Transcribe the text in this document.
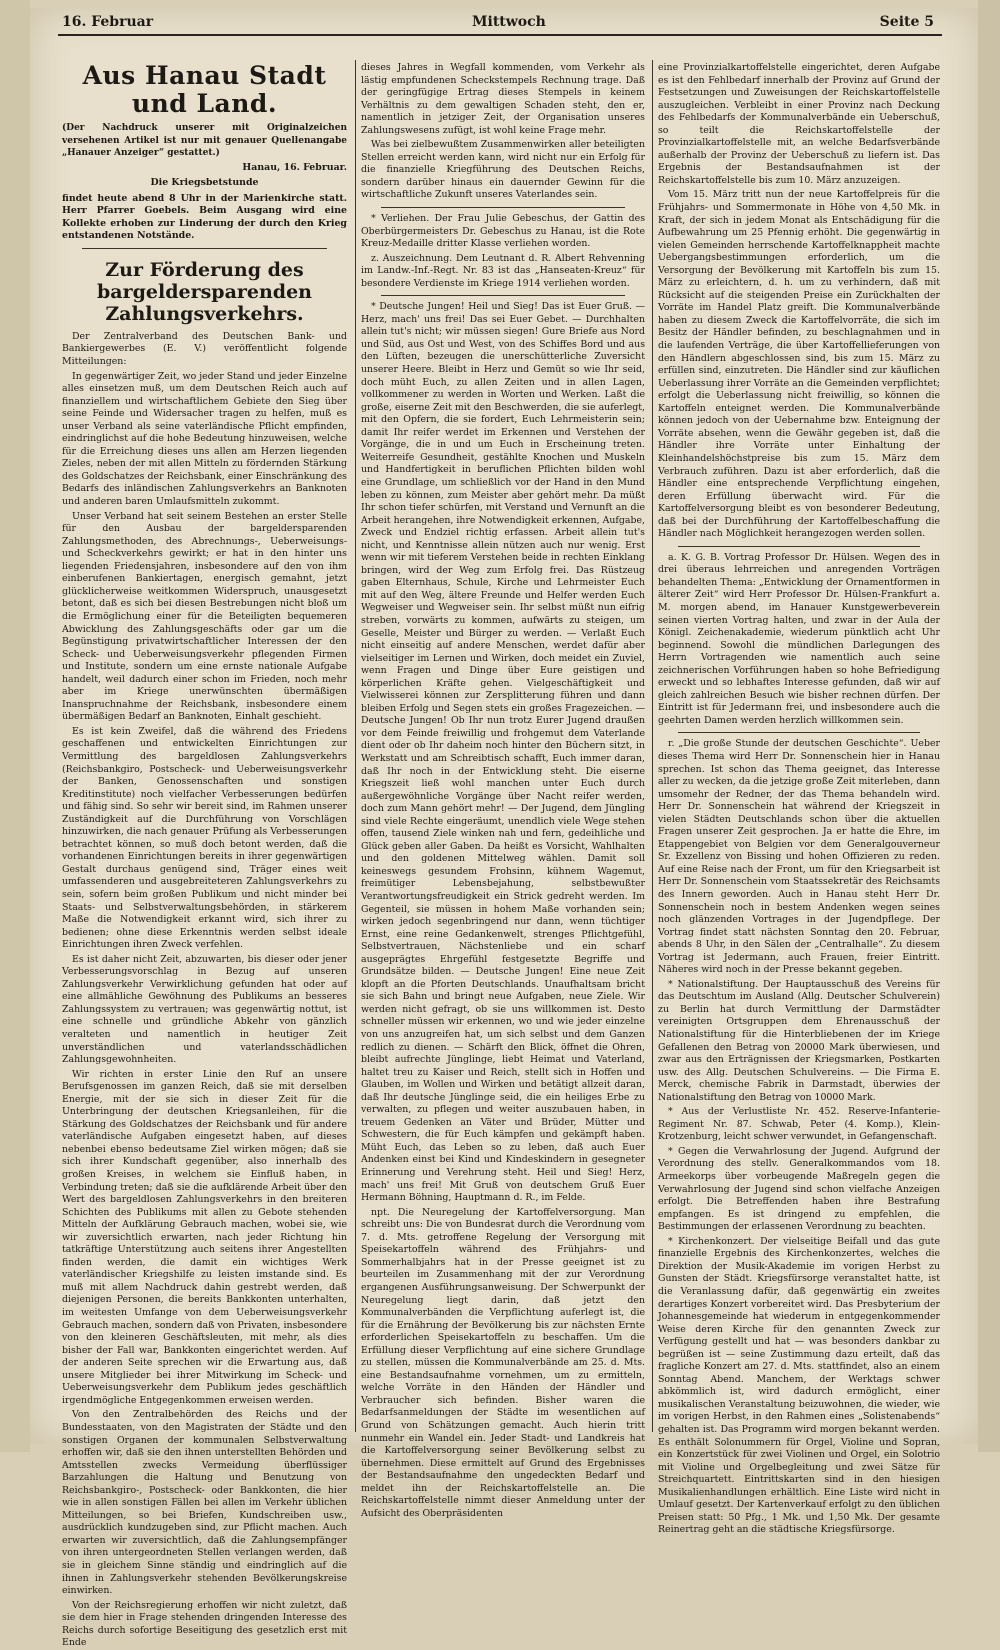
16. Februar	Mittwoch	Seite 5
Aus Hanau Stadt und Land.

(Der Nachdruck unserer mit Originalzeichen versehenen Artikel ist nur mit genauer Quellenangabe „Hanauer Anzeiger“ gestattet.)

Hanau, 16. Februar.

Die Kriegsbetstunde

findet heute abend 8 Uhr in der Marienkirche statt. Herr Pfarrer Goebels. Beim Ausgang wird eine Kollekte erhoben zur Linderung der durch den Krieg entstandenen Notstände.

Zur Förderung des bargeldersparenden Zahlungsverkehrs.

Der Zentralverband des Deutschen Bank- und Bankiergewerbes (E. V.) veröffentlicht folgende Mitteilungen:

In gegenwärtiger Zeit, wo jeder Stand und jeder Einzelne alles einsetzen muß, um dem Deutschen Reich auch auf finanziellem und wirtschaftlichem Gebiete den Sieg über seine Feinde und Widersacher tragen zu helfen, muß es unser Verband als seine vaterländische Pflicht empfinden, eindringlichst auf die hohe Bedeutung hinzuweisen, welche für die Erreichung dieses uns allen am Herzen liegenden Zieles, neben der mit allen Mitteln zu fördernden Stärkung des Goldschatzes der Reichsbank, einer Einschränkung des Bedarfs des inländischen Zahlungsverkehrs an Banknoten und anderen baren Umlaufsmitteln zukommt.

Unser Verband hat seit seinem Bestehen an erster Stelle für den Ausbau der bargeldersparenden Zahlungsmethoden, des Abrechnungs-, Ueberweisungs- und Scheckverkehrs gewirkt; er hat in den hinter uns liegenden Friedensjahren, insbesondere auf den von ihm einberufenen Bankiertagen, energisch gemahnt, jetzt glücklicherweise weitkommen Widerspruch, unausgesetzt betont, daß es sich bei diesen Bestrebungen nicht bloß um die Ermöglichung einer für die Beteiligten bequemeren Abwicklung des Zahlungsgeschäfts oder gar um die Begünstigung privatwirtschaftlicher Interessen der den Scheck- und Ueberweisungsverkehr pflegenden Firmen und Institute, sondern um eine ernste nationale Aufgabe handelt, weil dadurch einer schon im Frieden, noch mehr aber im Kriege unerwünschten übermäßigen Inanspruchnahme der Reichsbank, insbesondere einem übermäßigen Bedarf an Banknoten, Einhalt geschieht.

Es ist kein Zweifel, daß die während des Friedens geschaffenen und entwickelten Einrichtungen zur Vermittlung des bargeldlosen Zahlungsverkehrs (Reichsbankgiro, Postscheck- und Ueberweisungsverkehr der Banken, Genossenschaften und sonstigen Kreditinstitute) noch vielfacher Verbesserungen bedürfen und fähig sind. So sehr wir bereit sind, im Rahmen unserer Zuständigkeit auf die Durchführung von Vorschlägen hinzuwirken, die nach genauer Prüfung als Verbesserungen betrachtet können, so muß doch betont werden, daß die vorhandenen Einrichtungen bereits in ihrer gegenwärtigen Gestalt durchaus genügend sind, Träger eines weit umfassenderen und ausgebreiteteren Zahlungsverkehrs zu sein, sofern beim großen Publikum und nicht minder bei Staats- und Selbstverwaltungsbehörden, in stärkerem Maße die Notwendigkeit erkannt wird, sich ihrer zu bedienen; ohne diese Erkenntnis werden selbst ideale Einrichtungen ihren Zweck verfehlen.

Es ist daher nicht Zeit, abzuwarten, bis dieser oder jener Verbesserungsvorschlag in Bezug auf unseren Zahlungsverkehr Verwirklichung gefunden hat oder auf eine allmähliche Gewöhnung des Publikums an besseres Zahlungssystem zu vertrauen; was gegenwärtig nottut, ist eine schnelle und gründliche Abkehr von gänzlich veralteten und namentlich in heutiger Zeit unverständlichen und vaterlandsschädlichen Zahlungsgewohnheiten.

Wir richten in erster Linie den Ruf an unsere Berufsgenossen im ganzen Reich, daß sie mit derselben Energie, mit der sie sich in dieser Zeit für die Unterbringung der deutschen Kriegsanleihen, für die Stärkung des Goldschatzes der Reichsbank und für andere vaterländische Aufgaben eingesetzt haben, auf dieses nebenbei ebenso bedeutsame Ziel wirken mögen; daß sie sich ihrer Kundschaft gegenüber, also innerhalb des großen Kreises, in welchem sie Einfluß haben, in Verbindung treten; daß sie die aufklärende Arbeit über den Wert des bargeldlosen Zahlungsverkehrs in den breiteren Schichten des Publikums mit allen zu Gebote stehenden Mitteln der Aufklärung Gebrauch machen, wobei sie, wie wir zuversichtlich erwarten, nach jeder Richtung hin tatkräftige Unterstützung auch seitens ihrer Angestellten finden werden, die damit ein wichtiges Werk vaterländischer Kriegshilfe zu leisten imstande sind. Es muß mit allem Nachdruck dahin gestrebt werden, daß diejenigen Personen, die bereits Bankkonten unterhalten, im weitesten Umfange von dem Ueberweisungsverkehr Gebrauch machen, sondern daß von Privaten, insbesondere von den kleineren Geschäftsleuten, mit mehr, als dies bisher der Fall war, Bankkonten eingerichtet werden. Auf der anderen Seite sprechen wir die Erwartung aus, daß unsere Mitglieder bei ihrer Mitwirkung im Scheck- und Ueberweisungsverkehr dem Publikum jedes geschäftlich irgendmögliche Entgegenkommen erweisen werden.

Von den Zentralbehörden des Reichs und der Bundesstaaten, von den Magistraten der Städte und den sonstigen Organen der kommunalen Selbstverwaltung erhoffen wir, daß sie den ihnen unterstellten Behörden und Amtsstellen zwecks Vermeidung überflüssiger Barzahlungen die Haltung und Benutzung von Reichsbankgiro-, Postscheck- oder Bankkonten, die hier wie in allen sonstigen Fällen bei allen im Verkehr üblichen Mitteilungen, so bei Briefen, Kundschreiben usw., ausdrücklich kundzugeben sind, zur Pflicht machen. Auch erwarten wir zuversichtlich, daß die Zahlungsempfänger von ihren untergeordneten Stellen verlangen werden, daß sie in gleichem Sinne ständig und eindringlich auf die ihnen in Zahlungsverkehr stehenden Bevölkerungskreise einwirken.

Von der Reichsregierung erhoffen wir nicht zuletzt, daß sie dem hier in Frage stehenden dringenden Interesse des Reichs durch sofortige Beseitigung des gesetzlich erst mit Ende

dieses Jahres in Wegfall kommenden, vom Verkehr als lästig empfundenen Scheckstempels Rechnung trage. Daß der geringfügige Ertrag dieses Stempels in keinem Verhältnis zu dem gewaltigen Schaden steht, den er, namentlich in jetziger Zeit, der Organisation unseres Zahlungswesens zufügt, ist wohl keine Frage mehr.

Was bei zielbewußtem Zusammenwirken aller beteiligten Stellen erreicht werden kann, wird nicht nur ein Erfolg für die finanzielle Kriegführung des Deutschen Reichs, sondern darüber hinaus ein dauernder Gewinn für die wirtschaftliche Zukunft unseres Vaterlandes sein.

* Verliehen. Der Frau Julie Gebeschus, der Gattin des Oberbürgermeisters Dr. Gebeschus zu Hanau, ist die Rote Kreuz-Medaille dritter Klasse verliehen worden.

z. Auszeichnung. Dem Leutnant d. R. Albert Rehvenning im Landw.-Inf.-Regt. Nr. 83 ist das „Hanseaten-Kreuz“ für besondere Verdienste im Kriege 1914 verliehen worden.

* Deutsche Jungen! Heil und Sieg! Das ist Euer Gruß. — Herz, mach' uns frei! Das sei Euer Gebet. — Durchhalten allein tut's nicht; wir müssen siegen! Gure Briefe aus Nord und Süd, aus Ost und West, von des Schiffes Bord und aus den Lüften, bezeugen die unerschütterliche Zuversicht unserer Heere. Bleibt in Herz und Gemüt so wie Ihr seid, doch müht Euch, zu allen Zeiten und in allen Lagen, vollkommener zu werden in Worten und Werken. Laßt die große, eiserne Zeit mit den Beschwerden, die sie auferlegt, mit den Opfern, die sie fordert, Euch Lehrmeisterin sein; damit Ihr reifer werdet im Erkennen und Verstehen der Vorgänge, die in und um Euch in Erscheinung treten. Weiterreife Gesundheit, gestählte Knochen und Muskeln und Handfertigkeit in beruflichen Pflichten bilden wohl eine Grundlage, um schließlich vor der Hand in den Mund leben zu können, zum Meister aber gehört mehr. Da müßt Ihr schon tiefer schürfen, mit Verstand und Vernunft an die Arbeit herangehen, ihre Notwendigkeit erkennen, Aufgabe, Zweck und Endziel richtig erfassen. Arbeit allein tut's nicht, und Kenntnisse allein nützen auch nur wenig. Erst wenn wir mit tieferem Verstehen beide in rechten Einklang bringen, wird der Weg zum Erfolg frei. Das Rüstzeug gaben Elternhaus, Schule, Kirche und Lehrmeister Euch mit auf den Weg, ältere Freunde und Helfer werden Euch Wegweiser und Wegweiser sein. Ihr selbst müßt nun eifrig streben, vorwärts zu kommen, aufwärts zu steigen, um Geselle, Meister und Bürger zu werden. — Verlaßt Euch nicht einseitig auf andere Menschen, werdet dafür aber vielseitiger im Lernen und Wirken, doch meidet ein Zuviel, wenn Fragen und Dinge über Eure geistigen und körperlichen Kräfte gehen. Vielgeschäftigkeit und Vielwisserei können zur Zersplitterung führen und dann bleiben Erfolg und Segen stets ein großes Fragezeichen. — Deutsche Jungen! Ob Ihr nun trotz Eurer Jugend draußen vor dem Feinde freiwillig und frohgemut dem Vaterlande dient oder ob Ihr daheim noch hinter den Büchern sitzt, in Werkstatt und am Schreibtisch schafft, Euch immer daran, daß Ihr noch in der Entwicklung steht. Die eiserne Kriegszeit ließ wohl manchen unter Euch durch außergewöhnliche Vorgänge über Nacht reifer werden, doch zum Mann gehört mehr! — Der Jugend, dem Jüngling sind viele Rechte eingeräumt, unendlich viele Wege stehen offen, tausend Ziele winken nah und fern, gedeihliche und Glück geben aller Gaben. Da heißt es Vorsicht, Wahlhalten und den goldenen Mittelweg wählen. Damit soll keineswegs gesundem Frohsinn, kühnem Wagemut, freimütiger Lebensbejahung, selbstbewußter Verantwortungsfreudigkeit ein Strick gedreht werden. Im Gegenteil, sie müssen in hohem Maße vorhanden sein; wirken jedoch segenbringend nur dann, wenn tüchtiger Ernst, eine reine Gedankenwelt, strenges Pflichtgefühl, Selbstvertrauen, Nächstenliebe und ein scharf ausgeprägtes Ehrgefühl festgesetzte Begriffe und Grundsätze bilden. — Deutsche Jungen! Eine neue Zeit klopft an die Pforten Deutschlands. Unaufhaltsam bricht sie sich Bahn und bringt neue Aufgaben, neue Ziele. Wir werden nicht gefragt, ob sie uns willkommen ist. Desto schneller müssen wir erkennen, wo und wie jeder einzelne von uns anzugreifen hat, um sich selbst und dem Ganzen redlich zu dienen. — Schärft den Blick, öffnet die Ohren, bleibt aufrechte Jünglinge, liebt Heimat und Vaterland, haltet treu zu Kaiser und Reich, stellt sich in Hoffen und Glauben, im Wollen und Wirken und betätigt allzeit daran, daß Ihr deutsche Jünglinge seid, die ein heiliges Erbe zu verwalten, zu pflegen und weiter auszubauen haben, in treuem Gedenken an Väter und Brüder, Mütter und Schwestern, die für Euch kämpfen und gekämpft haben. Müht Euch, das Leben so zu leben, daß auch Euer Andenken einst bei Kind und Kindeskindern in gesegneter Erinnerung und Verehrung steht. Heil und Sieg! Herz, mach' uns frei! Mit Gruß von deutschem Gruß Euer Hermann Böhning, Hauptmann d. R., im Felde.

npt. Die Neuregelung der Kartoffelversorgung. Man schreibt uns: Die von Bundesrat durch die Verordnung vom 7. d. Mts. getroffene Regelung der Versorgung mit Speisekartoffeln während des Frühjahrs- und Sommerhalbjahrs hat in der Presse geeignet ist zu beurteilen im Zusammenhang mit der zur Verordnung ergangenen Ausführungsanweisung. Der Schwerpunkt der Neuregelung liegt darin, daß jetzt den Kommunalverbänden die Verpflichtung auferlegt ist, die für die Ernährung der Bevölkerung bis zur nächsten Ernte erforderlichen Speisekartoffeln zu beschaffen. Um die Erfüllung dieser Verpflichtung auf eine sichere Grundlage zu stellen, müssen die Kommunalverbände am 25. d. Mts. eine Bestandsaufnahme vornehmen, um zu ermitteln, welche Vorräte in den Händen der Händler und Verbraucher sich befinden. Bisher waren die Bedarfsanmeldungen der Städte im wesentlichen auf Grund von Schätzungen gemacht. Auch hierin tritt nunmehr ein Wandel ein. Jeder Stadt- und Landkreis hat die Kartoffelversorgung seiner Bevölkerung selbst zu übernehmen. Diese ermittelt auf Grund des Ergebnisses der Bestandsaufnahme den ungedeckten Bedarf und meldet ihn der Reichskartoffelstelle an. Die Reichskartoffelstelle nimmt dieser Anmeldung unter der Aufsicht des Oberpräsidenten

eine Provinzialkartoffelstelle eingerichtet, deren Aufgabe es ist den Fehlbedarf innerhalb der Provinz auf Grund der Festsetzungen und Zuweisungen der Reichskartoffelstelle auszugleichen. Verbleibt in einer Provinz nach Deckung des Fehlbedarfs der Kommunalverbände ein Ueberschuß, so teilt die Reichskartoffelstelle der Provinzialkartoffelstelle mit, an welche Bedarfsverbände außerhalb der Provinz der Ueberschuß zu liefern ist. Das Ergebnis der Bestandsaufnahmen ist der Reichskartoffelstelle bis zum 10. März anzuzeigen.

Vom 15. März tritt nun der neue Kartoffelpreis für die Frühjahrs- und Sommermonate in Höhe von 4,50 Mk. in Kraft, der sich in jedem Monat als Entschädigung für die Aufbewahrung um 25 Pfennig erhöht. Die gegenwärtig in vielen Gemeinden herrschende Kartoffelknappheit machte Uebergangsbestimmungen erforderlich, um die Versorgung der Bevölkerung mit Kartoffeln bis zum 15. März zu erleichtern, d. h. um zu verhindern, daß mit Rücksicht auf die steigenden Preise ein Zurückhalten der Vorräte im Handel Platz greift. Die Kommunalverbände haben zu diesem Zweck die Kartoffelvorräte, die sich im Besitz der Händler befinden, zu beschlagnahmen und in die laufenden Verträge, die über Kartoffellieferungen von den Händlern abgeschlossen sind, bis zum 15. März zu erfüllen sind, einzutreten. Die Händler sind zur käuflichen Ueberlassung ihrer Vorräte an die Gemeinden verpflichtet; erfolgt die Ueberlassung nicht freiwillig, so können die Kartoffeln enteignet werden. Die Kommunalverbände können jedoch von der Uebernahme bzw. Enteignung der Vorräte absehen, wenn die Gewähr gegeben ist, daß die Händler ihre Vorräte unter Einhaltung der Kleinhandelshöchstpreise bis zum 15. März dem Verbrauch zuführen. Dazu ist aber erforderlich, daß die Händler eine entsprechende Verpflichtung eingehen, deren Erfüllung überwacht wird. Für die Kartoffelversorgung bleibt es von besonderer Bedeutung, daß bei der Durchführung der Kartoffelbeschaffung die Händler nach Möglichkeit herangezogen werden sollen.

a. K. G. B. Vortrag Professor Dr. Hülsen. Wegen des in drei überaus lehrreichen und anregenden Vorträgen behandelten Thema: „Entwicklung der Ornamentformen in älterer Zeit“ wird Herr Professor Dr. Hülsen-Frankfurt a. M. morgen abend, im Hanauer Kunstgewerbeverein seinen vierten Vortrag halten, und zwar in der Aula der Königl. Zeichenakademie, wiederum pünktlich acht Uhr beginnend. Sowohl die mündlichen Darlegungen des Herrn Vortragenden wie namentlich auch seine zeichnerischen Vorführungen haben so hohe Befriedigung erweckt und so lebhaftes Interesse gefunden, daß wir auf gleich zahlreichen Besuch wie bisher rechnen dürfen. Der Eintritt ist für Jedermann frei, und insbesondere auch die geehrten Damen werden herzlich willkommen sein.

r. „Die große Stunde der deutschen Geschichte“. Ueber dieses Thema wird Herr Dr. Sonnenschein hier in Hanau sprechen. Ist schon das Thema geeignet, das Interesse aller zu wecken, da die jetzige große Zeit miterleben, dann umsomehr der Redner, der das Thema behandeln wird. Herr Dr. Sonnenschein hat während der Kriegszeit in vielen Städten Deutschlands schon über die aktuellen Fragen unserer Zeit gesprochen. Ja er hatte die Ehre, im Etappengebiet von Belgien vor dem Generalgouverneur Sr. Exzellenz von Bissing und hohen Offizieren zu reden. Auf eine Reise nach der Front, um für den Kriegsarbeit ist Herr Dr. Sonnenschein vom Staatssekretär des Reichsamts des Innern geworden. Auch in Hanau steht Herr Dr. Sonnenschein noch in bestem Andenken wegen seines noch glänzenden Vortrages in der Jugendpflege. Der Vortrag findet statt nächsten Sonntag den 20. Februar, abends 8 Uhr, in den Sälen der „Centralhalle“. Zu diesem Vortrag ist Jedermann, auch Frauen, freier Eintritt. Näheres wird noch in der Presse bekannt gegeben.

* Nationalstiftung. Der Hauptausschuß des Vereins für das Deutschtum im Ausland (Allg. Deutscher Schulverein) zu Berlin hat durch Vermittlung der Darmstädter vereinigten Ortsgruppen dem Ehrenausschuß der Nationalstiftung für die Hinterbliebenen der im Kriege Gefallenen den Betrag von 20000 Mark überwiesen, und zwar aus den Erträgnissen der Kriegsmarken, Postkarten usw. des Allg. Deutschen Schulvereins. — Die Firma E. Merck, chemische Fabrik in Darmstadt, überwies der Nationalstiftung den Betrag von 10000 Mark.

* Aus der Verlustliste Nr. 452. Reserve-Infanterie-Regiment Nr. 87. Schwab, Peter (4. Komp.), Klein-Krotzenburg, leicht schwer verwundet, in Gefangenschaft.

* Gegen die Verwahrlosung der Jugend. Aufgrund der Verordnung des stellv. Generalkommandos vom 18. Armeekorps über vorbeugende Maßregeln gegen die Verwahrlosung der Jugend sind schon vielfache Anzeigen erfolgt. Die Betreffenden haben ihre Bestrafung empfangen. Es ist dringend zu empfehlen, die Bestimmungen der erlassenen Verordnung zu beachten.

* Kirchenkonzert. Der vielseitige Beifall und das gute finanzielle Ergebnis des Kirchenkonzertes, welches die Direktion der Musik-Akademie im vorigen Herbst zu Gunsten der Städt. Kriegsfürsorge veranstaltet hatte, ist die Veranlassung dafür, daß gegenwärtig ein zweites derartiges Konzert vorbereitet wird. Das Presbyterium der Johannesgemeinde hat wiederum in entgegenkommender Weise deren Kirche für den genannten Zweck zur Verfügung gestellt und hat — was besonders dankbar zu begrüßen ist — seine Zustimmung dazu erteilt, daß das fragliche Konzert am 27. d. Mts. stattfindet, also an einem Sonntag Abend. Manchem, der Werktags schwer abkömmlich ist, wird dadurch ermöglicht, einer musikalischen Veranstaltung beizuwohnen, die wieder, wie im vorigen Herbst, in den Rahmen eines „Solistenabends“ gehalten ist. Das Programm wird morgen bekannt werden. Es enthält Solonummern für Orgel, Violine und Sopran, ein Konzertstück für zwei Violinen und Orgel, ein Solotrio mit Violine und Orgelbegleitung und zwei Sätze für Streichquartett. Eintrittskarten sind in den hiesigen Musikalienhandlungen erhältlich. Eine Liste wird nicht in Umlauf gesetzt. Der Kartenverkauf erfolgt zu den üblichen Preisen statt: 50 Pfg., 1 Mk. und 1,50 Mk. Der gesamte Reinertrag geht an die städtische Kriegsfürsorge.
